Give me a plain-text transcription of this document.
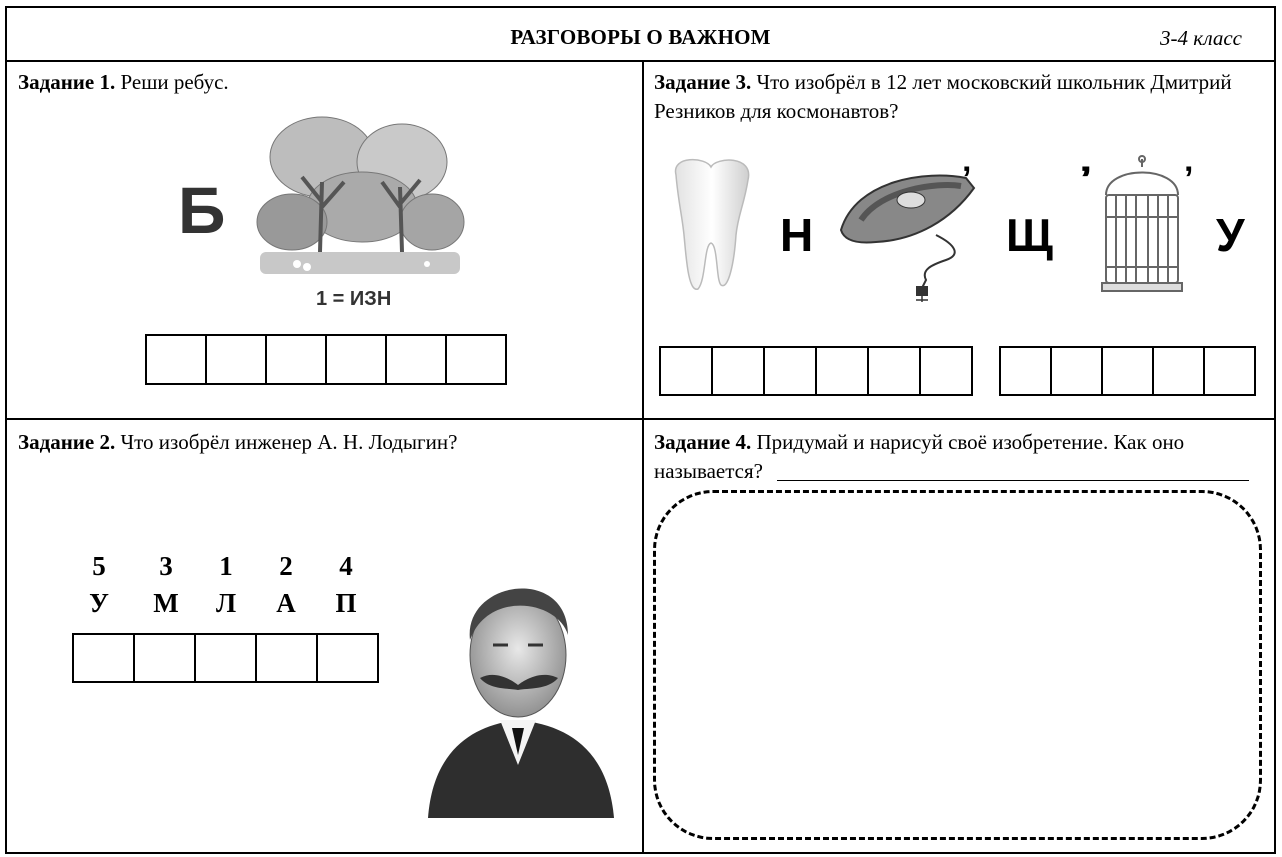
РАЗГОВОРЫ О ВАЖНОМ	3-4 класс
Задание 1. Реши ребус.
Б
1 = ИЗН
Задание 3. Что изобрёл в 12 лет московский школьник Дмитрий Резников для космонавтов?
Н
’
Щ
’’	’
У
Задание 2. Что изобрёл инженер А. Н. Лодыгин?
5	3	1	2	4
У	М	Л	А	П
Задание 4. Придумай и нарисуй своё изобретение. Как оно называется?
